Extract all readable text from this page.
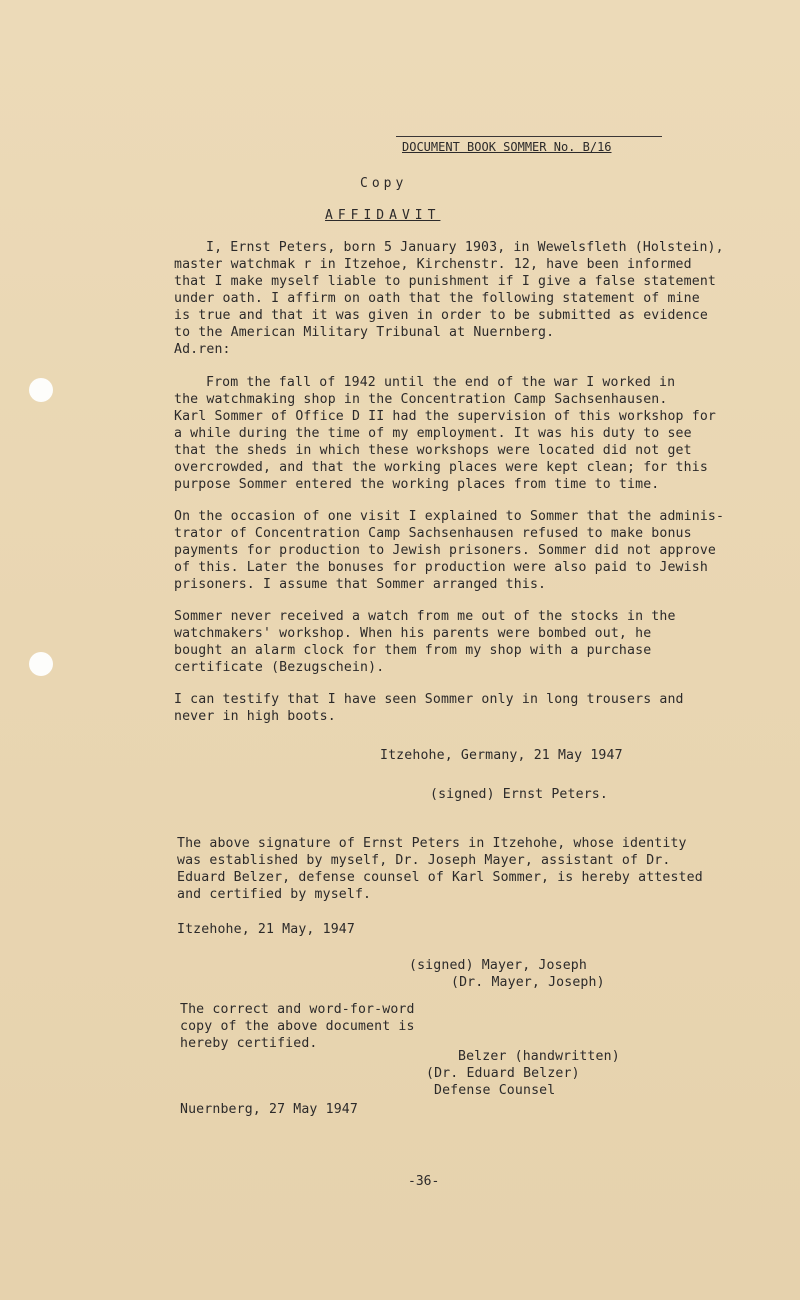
DOCUMENT BOOK SOMMER No. B/16
Copy
AFFIDAVIT
I, Ernst Peters, born 5 January 1903, in Wewelsfleth (Holstein),
master watchmak r in Itzehoe, Kirchenstr. 12, have been informed
that I make myself liable to punishment if I give a false statement
under oath. I affirm on oath that the following statement of mine
is true and that it was given in order to be submitted as evidence
to the American Military Tribunal at Nuernberg.
Ad.ren:
From the fall of 1942 until the end of the war I worked in
the watchmaking shop in the Concentration Camp Sachsenhausen.
Karl Sommer of Office D II had the supervision of this workshop for
a while during the time of my employment. It was his duty to see
that the sheds in which these workshops were located did not get
overcrowded, and that the working places were kept clean; for this
purpose Sommer entered the working places from time to time.
On the occasion of one visit I explained to Sommer that the adminis-
trator of Concentration Camp Sachsenhausen refused to make bonus
payments for production to Jewish prisoners. Sommer did not approve
of this. Later the bonuses for production were also paid to Jewish
prisoners. I assume that Sommer arranged this.
Sommer never received a watch from me out of the stocks in the
watchmakers' workshop. When his parents were bombed out, he
bought an alarm clock for them from my shop with a purchase
certificate (Bezugschein).
I can testify that I have seen Sommer only in long trousers and
never in high boots.
Itzehohe, Germany, 21 May 1947
(signed) Ernst Peters.
The above signature of Ernst Peters in Itzehohe, whose identity
was established by myself, Dr. Joseph Mayer, assistant of Dr.
Eduard Belzer, defense counsel of Karl Sommer, is hereby attested
and certified by myself.
Itzehohe, 21 May, 1947
(signed) Mayer, Joseph
(Dr. Mayer, Joseph)
The correct and word-for-word
copy of the above document is
hereby certified.
Belzer (handwritten)
(Dr. Eduard Belzer)
Defense Counsel
Nuernberg, 27 May 1947
-36-
